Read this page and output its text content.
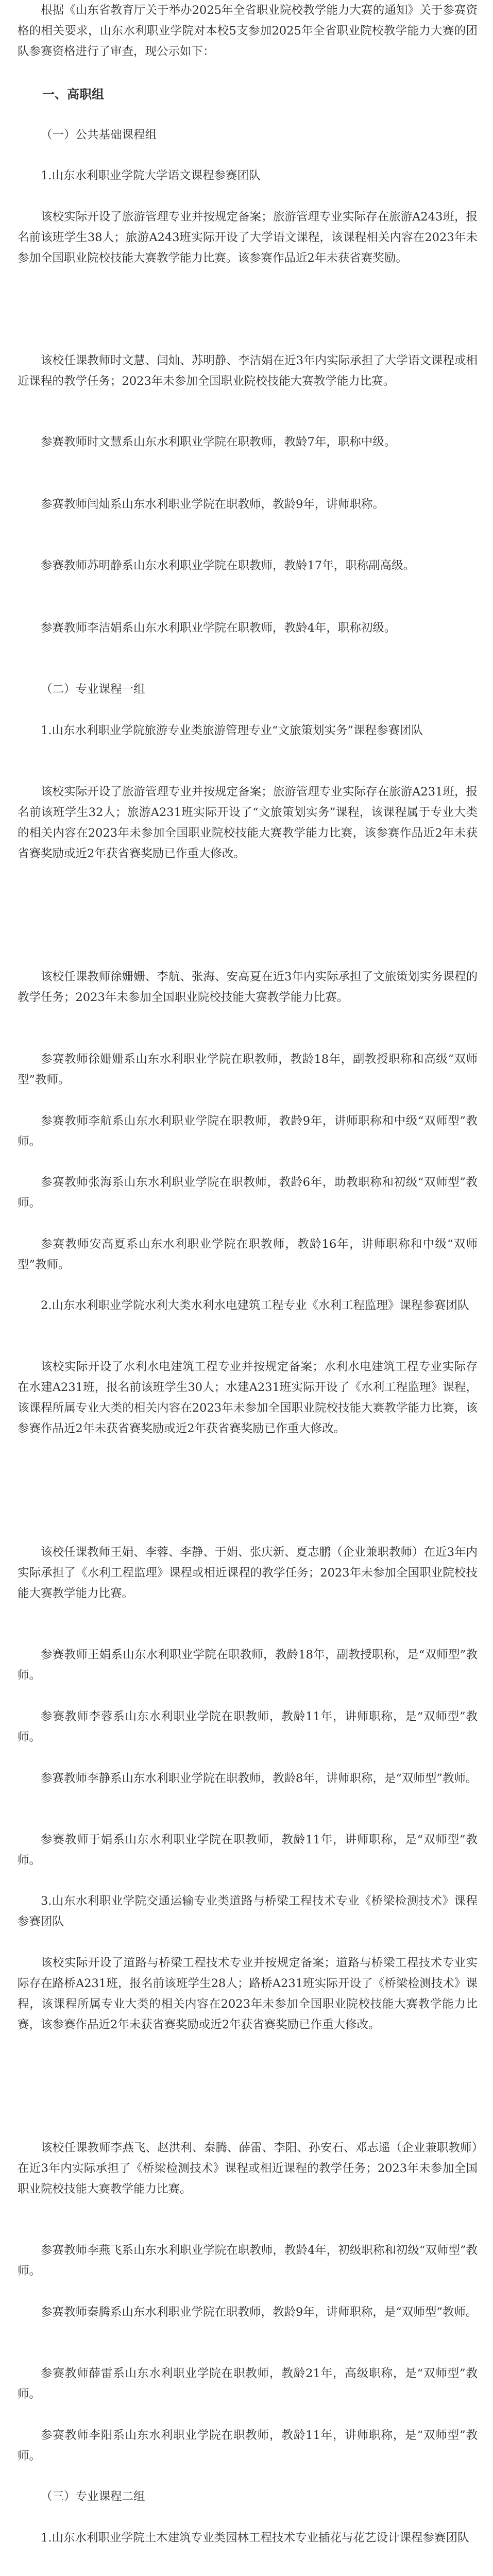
根据《山东省教育厅关于举办2025年全省职业院校教学能力大赛的通知》关于参赛资格的相关要求，山东水利职业学院对本校5支参加2025年全省职业院校教学能力大赛的团队参赛资格进行了审查，现公示如下：

一、高职组

（一）公共基础课程组

1.山东水利职业学院大学语文课程参赛团队

该校实际开设了旅游管理专业并按规定备案；旅游管理专业实际存在旅游A243班，报名前该班学生38人；旅游A243班实际开设了大学语文课程，该课程相关内容在2023年未参加全国职业院校技能大赛教学能力比赛。该参赛作品近2年未获省赛奖励。

该校任课教师时文慧、闫灿、苏明静、李洁娟在近3年内实际承担了大学语文课程或相近课程的教学任务；2023年未参加全国职业院校技能大赛教学能力比赛。

参赛教师时文慧系山东水利职业学院在职教师，教龄7年，职称中级。

参赛教师闫灿系山东水利职业学院在职教师，教龄9年，讲师职称。

参赛教师苏明静系山东水利职业学院在职教师，教龄17年，职称副高级。

参赛教师李洁娟系山东水利职业学院在职教师，教龄4年，职称初级。

（二）专业课程一组

1.山东水利职业学院旅游专业类旅游管理专业“文旅策划实务”课程参赛团队

该校实际开设了旅游管理专业并按规定备案；旅游管理专业实际存在旅游A231班，报名前该班学生32人；旅游A231班实际开设了“文旅策划实务”课程，该课程属于专业大类的相关内容在2023年未参加全国职业院校技能大赛教学能力比赛，该参赛作品近2年未获省赛奖励或近2年获省赛奖励已作重大修改。

该校任课教师徐姗姗、李航、张海、安高夏在近3年内实际承担了文旅策划实务课程的教学任务；2023年未参加全国职业院校技能大赛教学能力比赛。

参赛教师徐姗姗系山东水利职业学院在职教师，教龄18年，副教授职称和高级“双师型”教师。

参赛教师李航系山东水利职业学院在职教师，教龄9年，讲师职称和中级“双师型”教师。

参赛教师张海系山东水利职业学院在职教师，教龄6年，助教职称和初级“双师型”教师。

参赛教师安高夏系山东水利职业学院在职教师，教龄16年，讲师职称和中级“双师型”教师。

2.山东水利职业学院水利大类水利水电建筑工程专业《水利工程监理》课程参赛团队

该校实际开设了水利水电建筑工程专业并按规定备案；水利水电建筑工程专业实际存在水建A231班，报名前该班学生30人；水建A231班实际开设了《水利工程监理》课程，该课程所属专业大类的相关内容在2023年未参加全国职业院校技能大赛教学能力比赛，该参赛作品近2年未获省赛奖励或近2年获省赛奖励已作重大修改。

该校任课教师王娟、李蓉、李静、于娟、张庆新、夏志鹏（企业兼职教师）在近3年内实际承担了《水利工程监理》课程或相近课程的教学任务；2023年未参加全国职业院校技能大赛教学能力比赛。

参赛教师王娟系山东水利职业学院在职教师，教龄18年，副教授职称，是“双师型”教师。

参赛教师李蓉系山东水利职业学院在职教师，教龄11年，讲师职称，是“双师型”教师。

参赛教师李静系山东水利职业学院在职教师，教龄8年，讲师职称，是“双师型”教师。

参赛教师于娟系山东水利职业学院在职教师，教龄11年，讲师职称，是“双师型”教师。

3.山东水利职业学院交通运输专业类道路与桥梁工程技术专业《桥梁检测技术》课程参赛团队

该校实际开设了道路与桥梁工程技术专业并按规定备案；道路与桥梁工程技术专业实际存在路桥A231班，报名前该班学生28人；路桥A231班实际开设了《桥梁检测技术》课程，该课程所属专业大类的相关内容在2023年未参加全国职业院校技能大赛教学能力比赛，该参赛作品近2年未获省赛奖励或近2年获省赛奖励已作重大修改。

该校任课教师李燕飞、赵洪利、秦腾、薛雷、李阳、孙安石、邓志遥（企业兼职教师）在近3年内实际承担了《桥梁检测技术》课程或相近课程的教学任务；2023年未参加全国职业院校技能大赛教学能力比赛。

参赛教师李燕飞系山东水利职业学院在职教师，教龄4年，初级职称和初级“双师型”教师。

参赛教师秦腾系山东水利职业学院在职教师，教龄9年，讲师职称，是“双师型”教师。

参赛教师薛雷系山东水利职业学院在职教师，教龄21年，高级职称，是“双师型”教师。

参赛教师李阳系山东水利职业学院在职教师，教龄11年，讲师职称，是“双师型”教师。

（三）专业课程二组

1.山东水利职业学院土木建筑专业类园林工程技术专业插花与花艺设计课程参赛团队
